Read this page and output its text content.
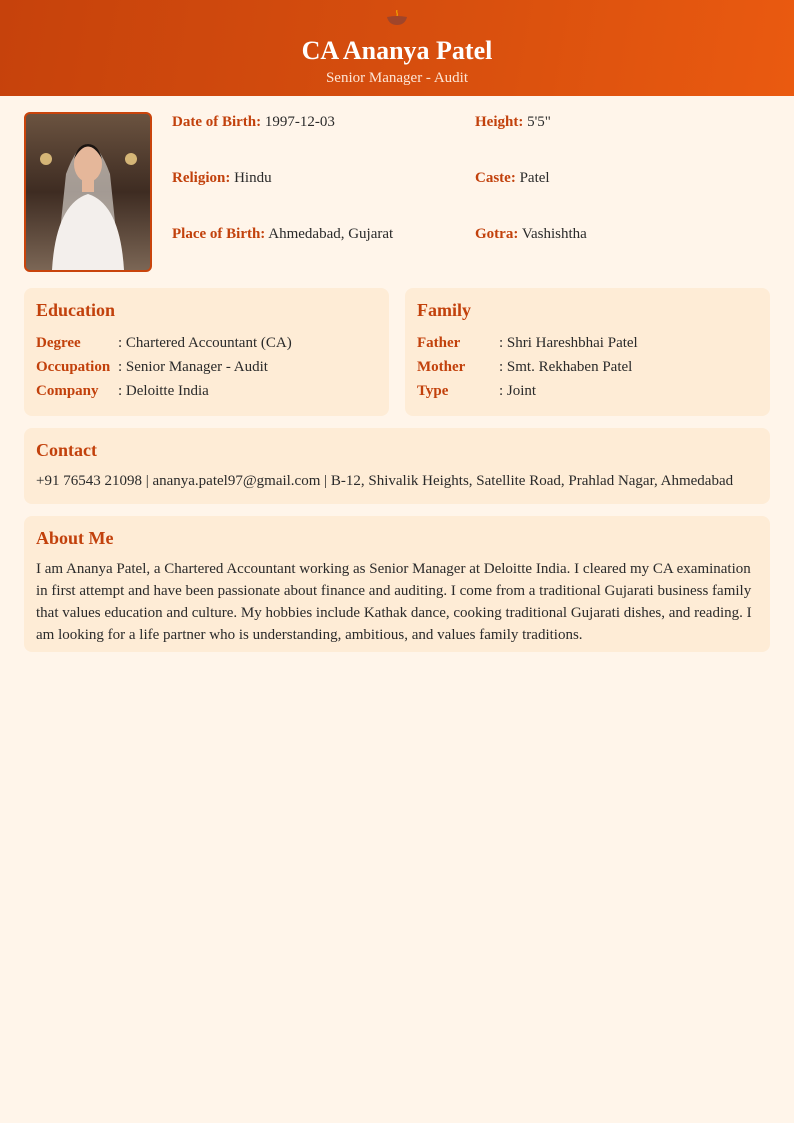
CA Ananya Patel
Senior Manager - Audit
Date of Birth: 1997-12-03	Height: 5'5"
Religion: Hindu	Caste: Patel
Place of Birth: Ahmedabad, Gujarat	Gotra: Vashishtha
Education
Degree : Chartered Accountant (CA)
Occupation : Senior Manager - Audit
Company : Deloitte India
Family
Father	: Shri Hareshbhai Patel
Mother : Smt. Rekhaben Patel
Type	: Joint
Contact
+91 76543 21098 | ananya.patel97@gmail.com | B-12, Shivalik Heights, Satellite Road, Prahlad Nagar, Ahmedabad
About Me
I am Ananya Patel, a Chartered Accountant working as Senior Manager at Deloitte India. I cleared my CA examination in first attempt and have been passionate about finance and auditing. I come from a traditional Gujarati business family that values education and culture. My hobbies include Kathak dance, cooking traditional Gujarati dishes, and reading. I am looking for a life partner who is understanding, ambitious, and values family traditions.
